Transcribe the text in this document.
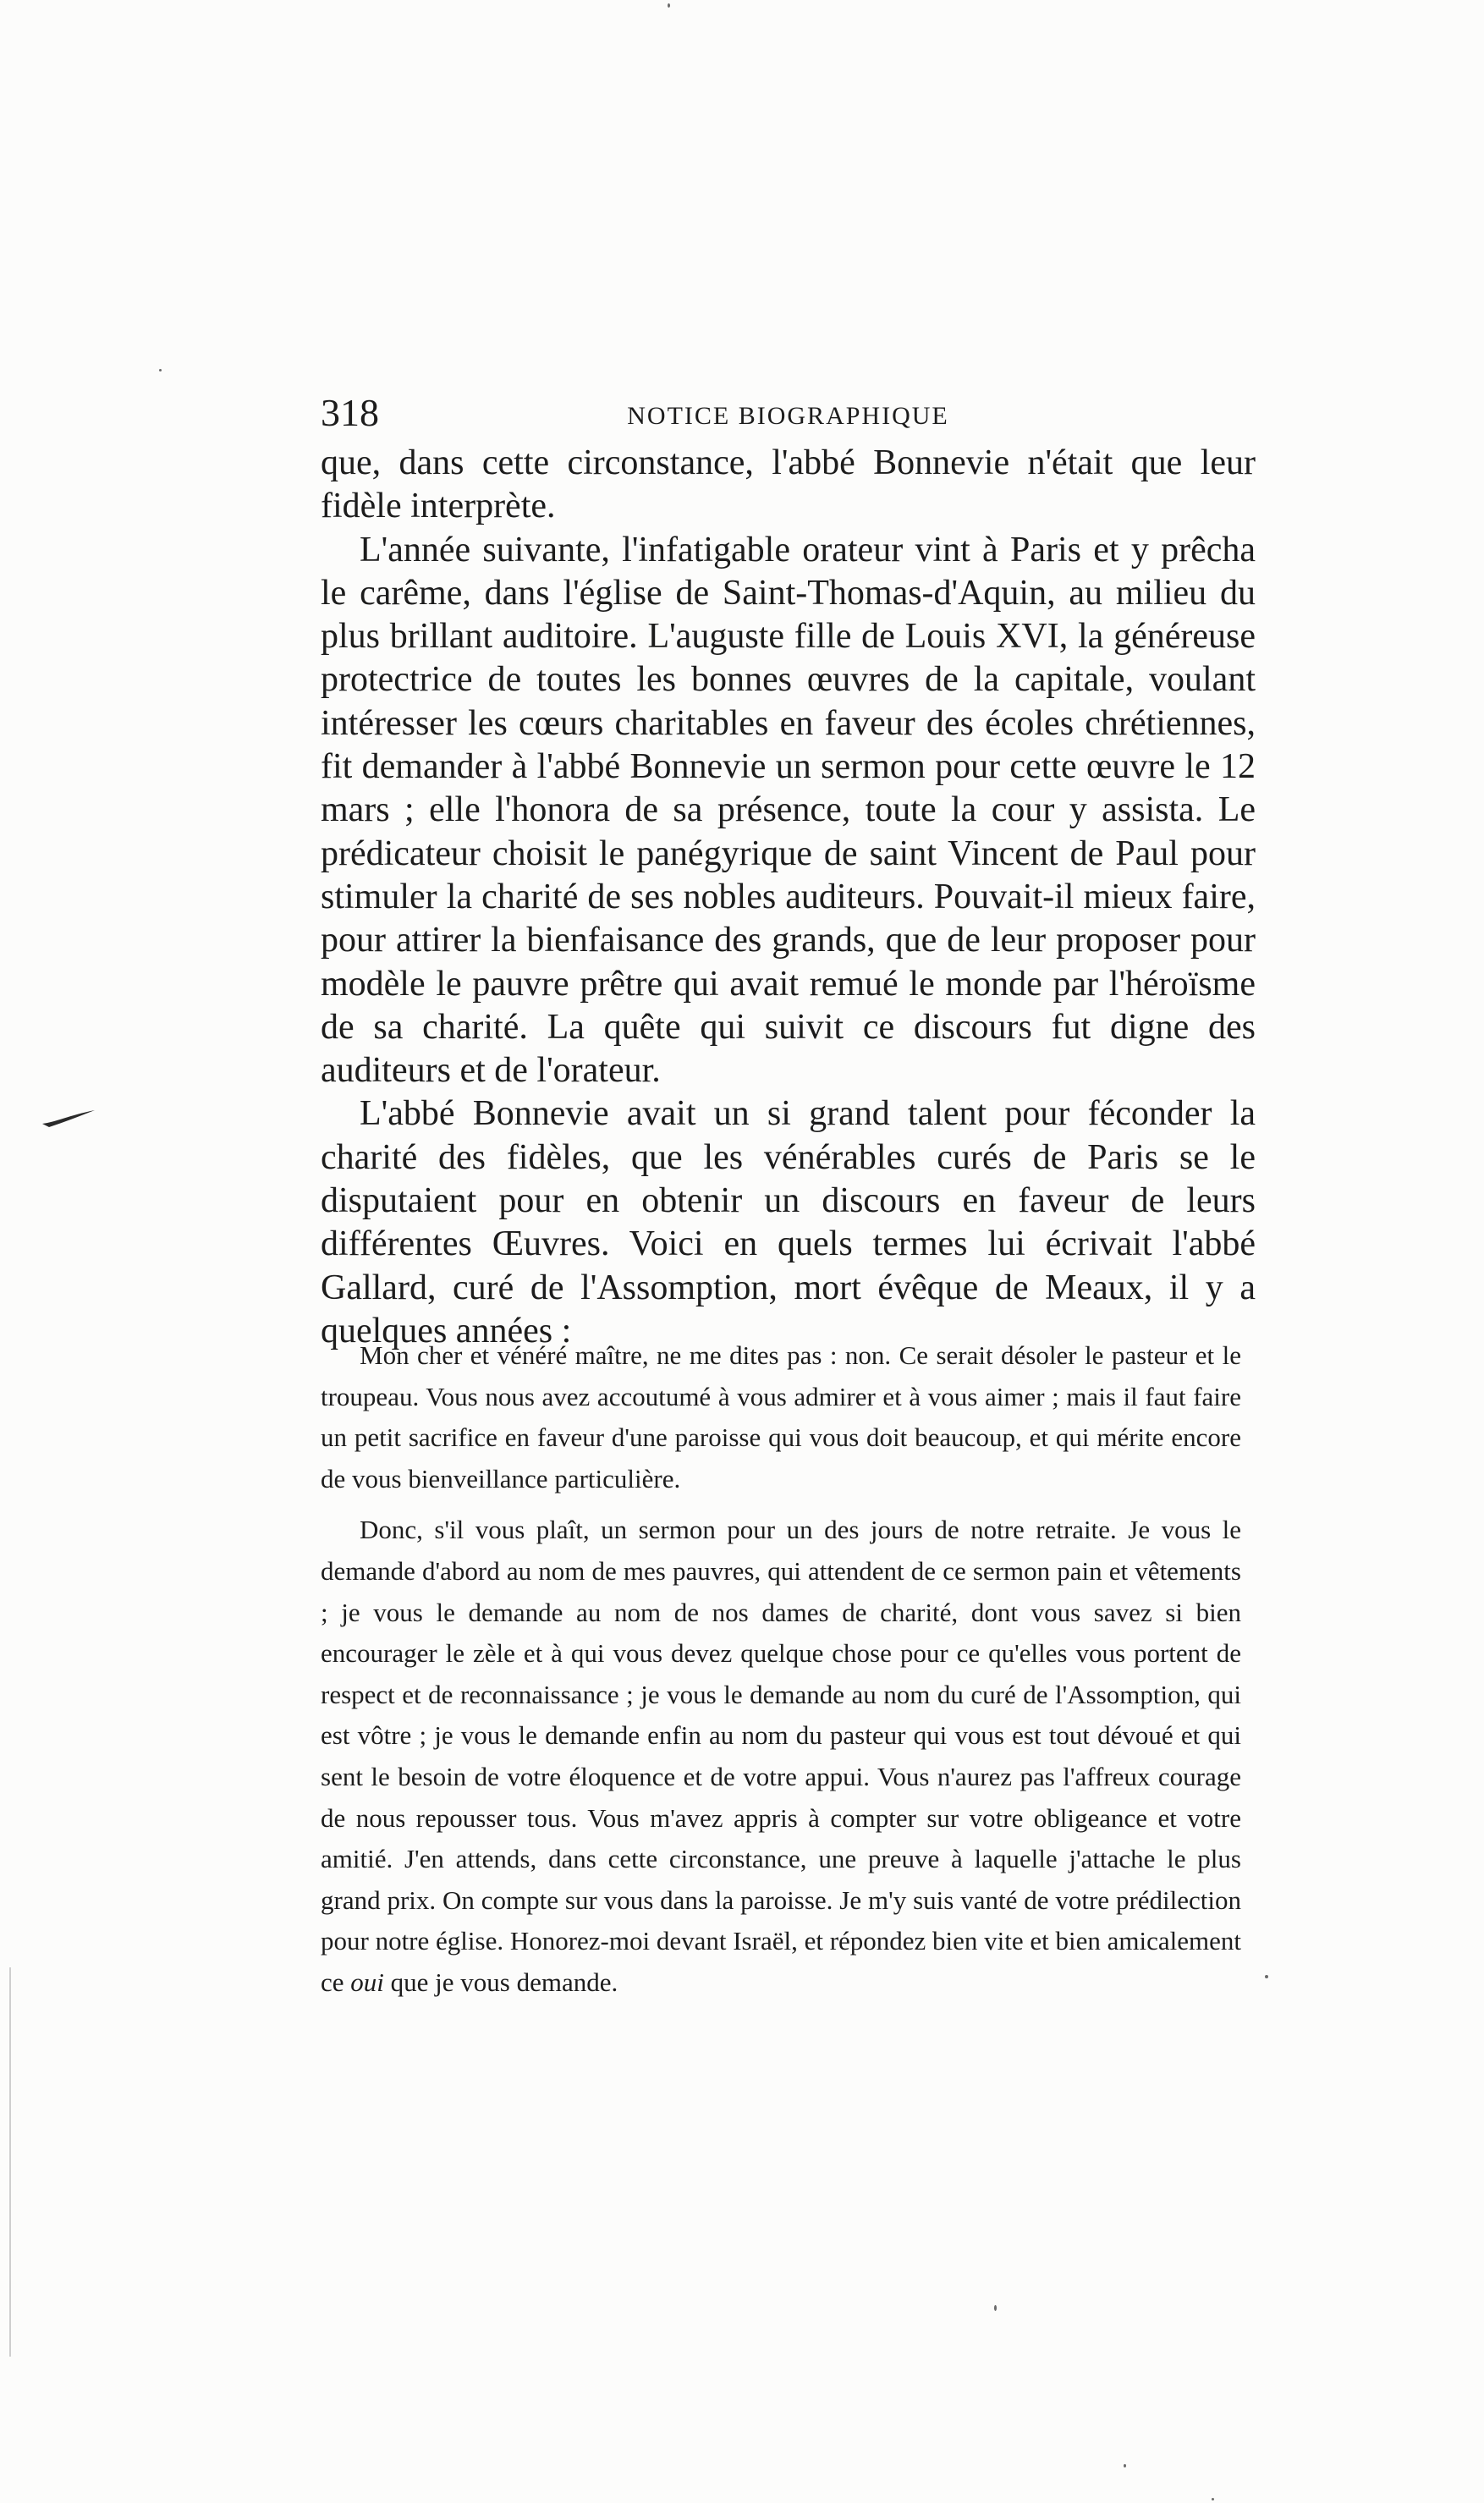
318	NOTICE BIOGRAPHIQUE

que, dans cette circonstance, l'abbé Bonnevie n'était que leur fidèle interprète.

L'année suivante, l'infatigable orateur vint à Paris et y prêcha le carême, dans l'église de Saint-Thomas-d'Aquin, au milieu du plus brillant auditoire. L'auguste fille de Louis XVI, la généreuse protectrice de toutes les bonnes œuvres de la capitale, voulant intéresser les cœurs charitables en faveur des écoles chrétiennes, fit demander à l'abbé Bonnevie un sermon pour cette œuvre le 12 mars ; elle l'honora de sa présence, toute la cour y assista. Le prédicateur choisit le panégyrique de saint Vincent de Paul pour stimuler la charité de ses nobles auditeurs. Pouvait-il mieux faire, pour attirer la bienfaisance des grands, que de leur proposer pour modèle le pauvre prêtre qui avait remué le monde par l'héroïsme de sa charité. La quête qui suivit ce discours fut digne des auditeurs et de l'orateur.

L'abbé Bonnevie avait un si grand talent pour féconder la charité des fidèles, que les vénérables curés de Paris se le disputaient pour en obtenir un discours en faveur de leurs différentes Œuvres. Voici en quels termes lui écrivait l'abbé Gallard, curé de l'Assomption, mort évêque de Meaux, il y a quelques années :

Mon cher et vénéré maître, ne me dites pas : non. Ce serait désoler le pasteur et le troupeau. Vous nous avez accoutumé à vous admirer et à vous aimer ; mais il faut faire un petit sacrifice en faveur d'une paroisse qui vous doit beaucoup, et qui mérite encore de vous bienveillance particulière.

Donc, s'il vous plaît, un sermon pour un des jours de notre retraite. Je vous le demande d'abord au nom de mes pauvres, qui attendent de ce sermon pain et vêtements ; je vous le demande au nom de nos dames de charité, dont vous savez si bien encourager le zèle et à qui vous devez quelque chose pour ce qu'elles vous portent de respect et de reconnaissance ; je vous le demande au nom du curé de l'Assomption, qui est vôtre ; je vous le demande enfin au nom du pasteur qui vous est tout dévoué et qui sent le besoin de votre éloquence et de votre appui. Vous n'aurez pas l'affreux courage de nous repousser tous. Vous m'avez appris à compter sur votre obligeance et votre amitié. J'en attends, dans cette circonstance, une preuve à laquelle j'attache le plus grand prix. On compte sur vous dans la paroisse. Je m'y suis vanté de votre prédilection pour notre église. Honorez-moi devant Israël, et répondez bien vite et bien amicalement ce oui que je vous demande.
